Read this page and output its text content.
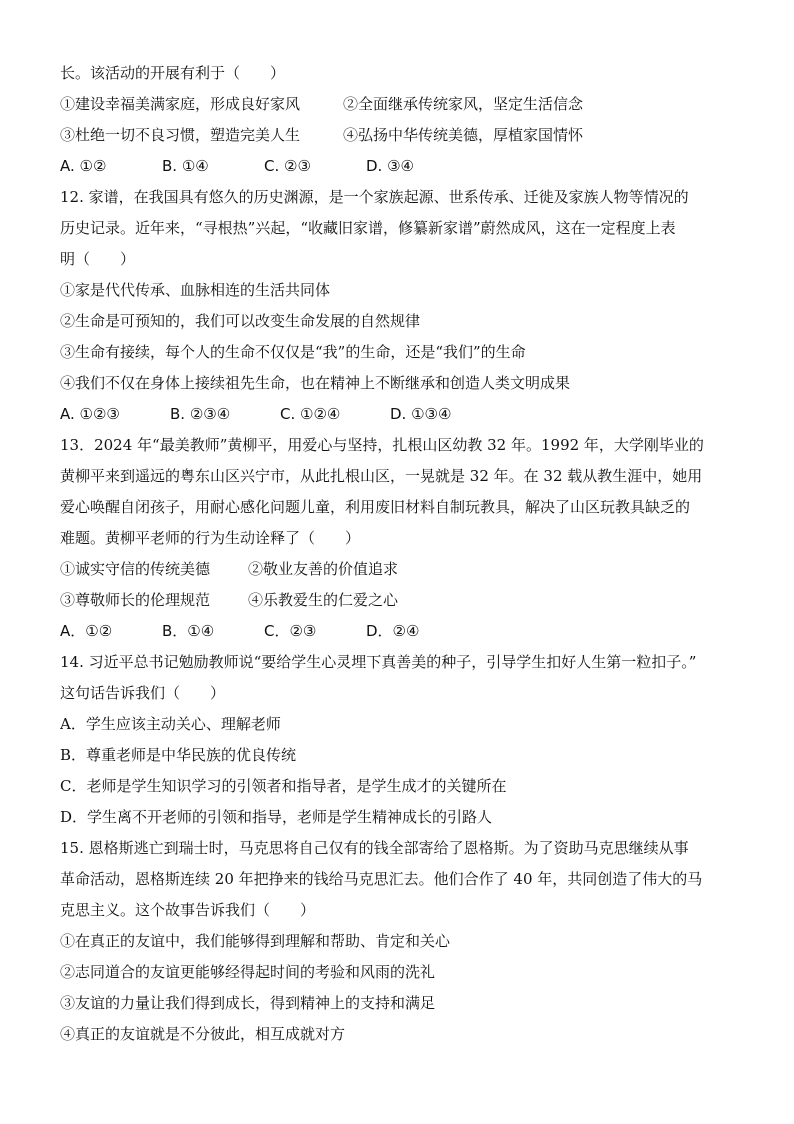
长。该活动的开展有利于（　　）
①建设幸福美满家庭，形成良好家风	②全面继承传统家风，坚定生活信念
③杜绝一切不良习惯，塑造完美人生	④弘扬中华传统美德，厚植家国情怀
A. ①②	B. ①④	C. ②③	D. ③④
12. 家谱，在我国具有悠久的历史渊源，是一个家族起源、世系传承、迁徙及家族人物等情况的
历史记录。近年来，“寻根热”兴起，“收藏旧家谱，修纂新家谱”蔚然成风，这在一定程度上表
明（　　）
①家是代代传承、血脉相连的生活共同体
②生命是可预知的，我们可以改变生命发展的自然规律
③生命有接续，每个人的生命不仅仅是“我”的生命，还是“我们”的生命
④我们不仅在身体上接续祖先生命，也在精神上不断继承和创造人类文明成果
A. ①②③	B. ②③④	C. ①②④	D. ①③④
13．2024 年“最美教师”黄柳平，用爱心与坚持，扎根山区幼教 32 年。1992 年，大学刚毕业的
黄柳平来到遥远的粤东山区兴宁市，从此扎根山区，一晃就是 32 年。在 32 载从教生涯中，她用
爱心唤醒自闭孩子，用耐心感化问题儿童，利用废旧材料自制玩教具，解决了山区玩教具缺乏的
难题。黄柳平老师的行为生动诠释了（　　）
①诚实守信的传统美德	②敬业友善的价值追求
③尊敬师长的伦理规范	④乐教爱生的仁爱之心
A．①②	B．①④	C．②③	D．②④
14. 习近平总书记勉励教师说“要给学生心灵埋下真善美的种子，引导学生扣好人生第一粒扣子。”
这句话告诉我们（　　）
A．学生应该主动关心、理解老师
B．尊重老师是中华民族的优良传统
C．老师是学生知识学习的引领者和指导者，是学生成才的关键所在
D．学生离不开老师的引领和指导，老师是学生精神成长的引路人
15. 恩格斯逃亡到瑞士时，马克思将自己仅有的钱全部寄给了恩格斯。为了资助马克思继续从事
革命活动，恩格斯连续 20 年把挣来的钱给马克思汇去。他们合作了 40 年，共同创造了伟大的马
克思主义。这个故事告诉我们（　　）
①在真正的友谊中，我们能够得到理解和帮助、肯定和关心
②志同道合的友谊更能够经得起时间的考验和风雨的洗礼
③友谊的力量让我们得到成长，得到精神上的支持和满足
④真正的友谊就是不分彼此，相互成就对方
